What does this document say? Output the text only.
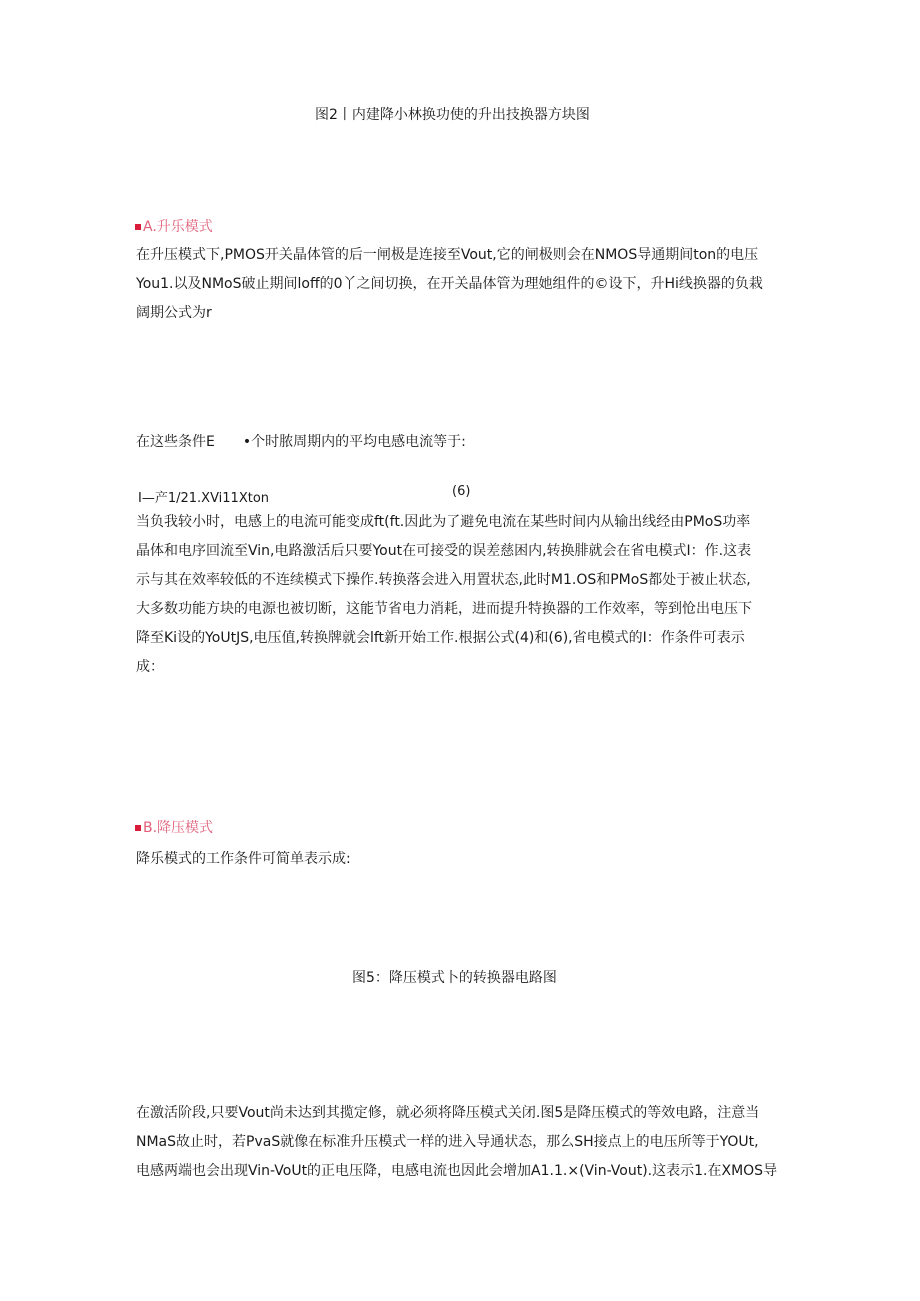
图2丨内建降小林换功使的升出技换器方块图
A.升乐模式
在升压模式下,PMOS开关晶体管的后一闸极是连接至Vout,它的闸极则会在NMOS导通期间ton的电压
You1.以及NMoS破止期间loff的0丫之间切换，在开关晶体管为理她组件的©设下，升Hi线换器的负栽
阔期公式为r
在这些条件E　　•个时脓周期内的平均电感电流等于:
I—产1/21.XVi11Xton	(6)
当负我较小时，电感上的电流可能变成ft(ft.因此为了避免电流在某些时间内从输出线经由PMoS功率
晶体和电序回流至Vin,电路激活后只要Yout在可接受的误差慈困内,转换腓就会在省电模式I：作.这表
示与其在效率较低的不连续模式下操作.转换落会进入用置状态,此时M1.OS和PMoS都处于被止状态,
大多数功能方块的电源也被切断，这能节省电力消耗，进而提升特换器的工作效率，等到怆出电压下
降至Ki设的YoUtJS,电压值,转换牌就会lft新开始工作.根据公式(4)和(6),省电模式的I：作条件可表示
成：
B.降压模式
降乐模式的工作条件可简单表示成:
图5：降压模式卜的转换器电路图
在激活阶段,只要Vout尚未达到其揽定修，就必须将降压模式关闭.图5是降压模式的等效电路，注意当
NMaS故止时，若PvaS就像在标准升压模式一样的进入导通状态，那么SH接点上的电压所等于YOUt,
电感两端也会出现Vin-VoUt的正电压降，电感电流也因此会增加A1.1.×(Vin-Vout).这表示1.在XMOS导
